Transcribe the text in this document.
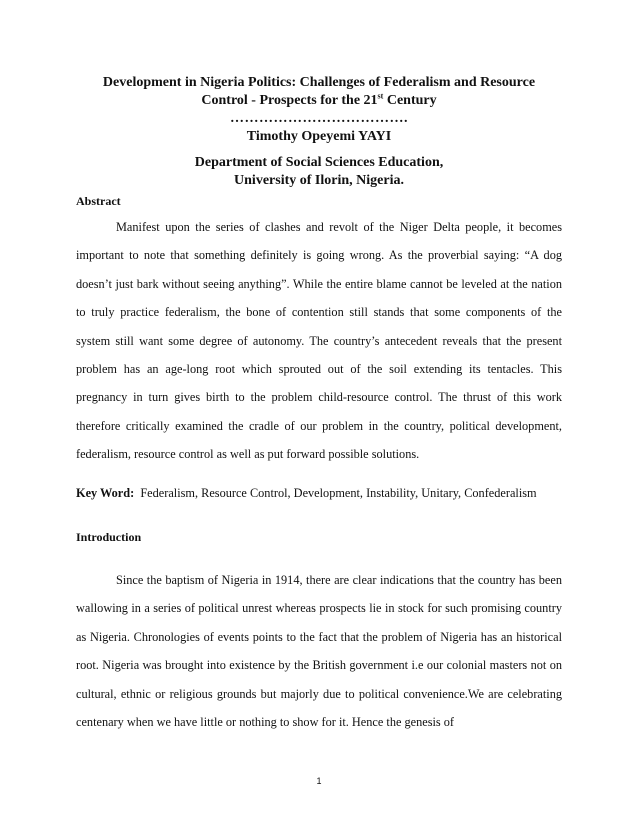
Development in Nigeria Politics: Challenges of Federalism and Resource
Control - Prospects for the 21st Century
……………………………….
Timothy Opeyemi YAYI
Department of Social Sciences Education,
University of Ilorin, Nigeria.
Abstract
Manifest upon the series of clashes and revolt of the Niger Delta people, it becomes important to note that something definitely is going wrong. As the proverbial saying: “A dog doesn’t just bark without seeing anything”. While the entire blame cannot be leveled at the nation to truly practice federalism, the bone of contention still stands that some components of the system still want some degree of autonomy. The country’s antecedent reveals that the present problem has an age-long root which sprouted out of the soil extending its tentacles. This pregnancy in turn gives birth to the problem child-resource control. The thrust of this work therefore critically examined the cradle of our problem in the country, political development, federalism, resource control as well as put forward possible solutions.
Key Word: Federalism, Resource Control, Development, Instability, Unitary, Confederalism
Introduction
Since the baptism of Nigeria in 1914, there are clear indications that the country has been wallowing in a series of political unrest whereas prospects lie in stock for such promising country as Nigeria. Chronologies of events points to the fact that the problem of Nigeria has an historical root. Nigeria was brought into existence by the British government i.e our colonial masters not on cultural, ethnic or religious grounds but majorly due to political convenience.We are celebrating centenary when we have little or nothing to show for it. Hence the genesis of
1
